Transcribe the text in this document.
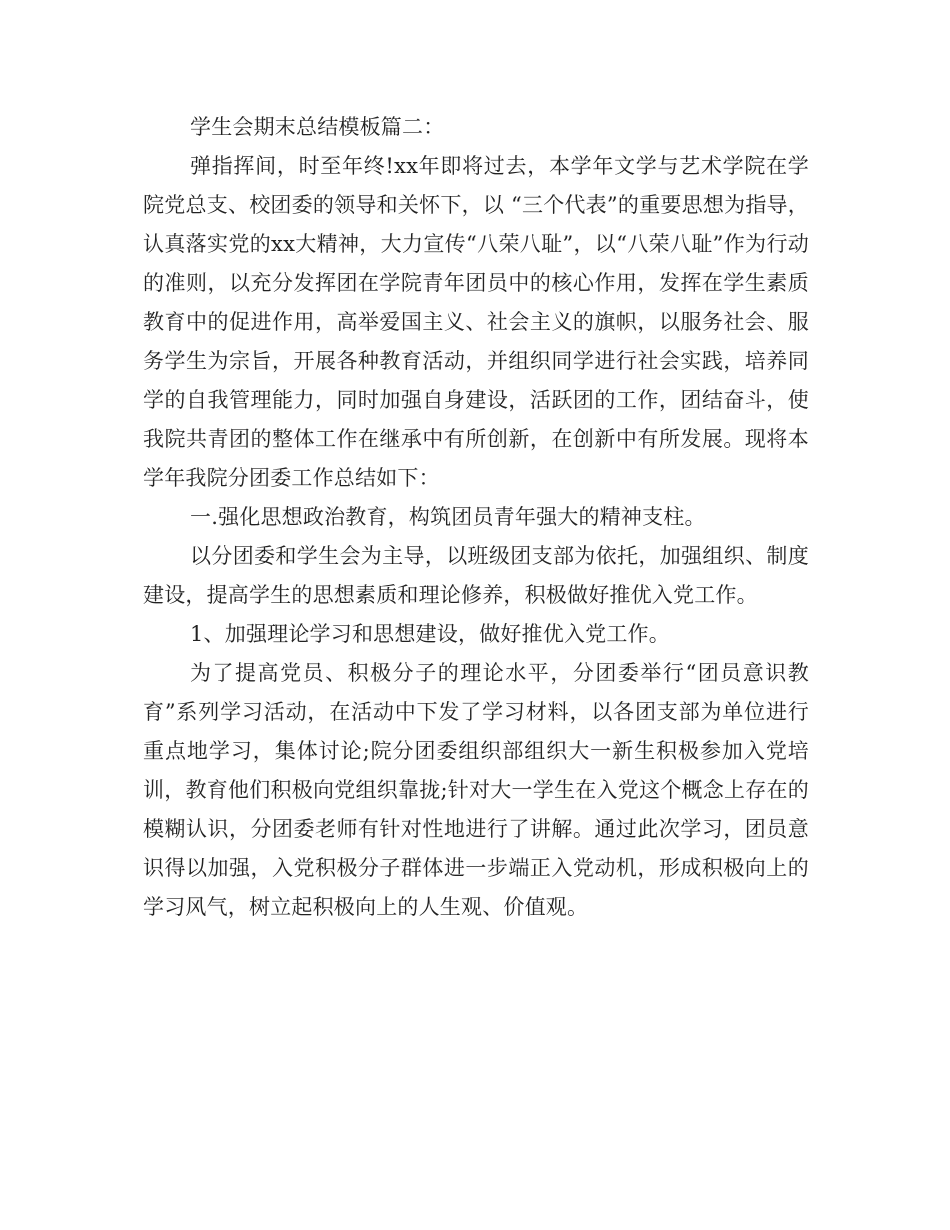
学生会期末总结模板篇二：

弹指挥间，时至年终!xx年即将过去，本学年文学与艺术学院在学院党总支、校团委的领导和关怀下，以 “三个代表”的重要思想为指导，认真落实党的xx大精神，大力宣传“八荣八耻”，以“八荣八耻”作为行动的准则，以充分发挥团在学院青年团员中的核心作用，发挥在学生素质教育中的促进作用，高举爱国主义、社会主义的旗帜，以服务社会、服务学生为宗旨，开展各种教育活动，并组织同学进行社会实践，培养同学的自我管理能力，同时加强自身建设，活跃团的工作，团结奋斗，使我院共青团的整体工作在继承中有所创新，在创新中有所发展。现将本学年我院分团委工作总结如下：

一.强化思想政治教育，构筑团员青年强大的精神支柱。

以分团委和学生会为主导，以班级团支部为依托，加强组织、制度建设，提高学生的思想素质和理论修养，积极做好推优入党工作。

1、加强理论学习和思想建设，做好推优入党工作。

为了提高党员、积极分子的理论水平，分团委举行“团员意识教育”系列学习活动，在活动中下发了学习材料，以各团支部为单位进行重点地学习，集体讨论;院分团委组织部组织大一新生积极参加入党培训，教育他们积极向党组织靠拢;针对大一学生在入党这个概念上存在的模糊认识，分团委老师有针对性地进行了讲解。通过此次学习，团员意识得以加强，入党积极分子群体进一步端正入党动机，形成积极向上的学习风气，树立起积极向上的人生观、价值观。
